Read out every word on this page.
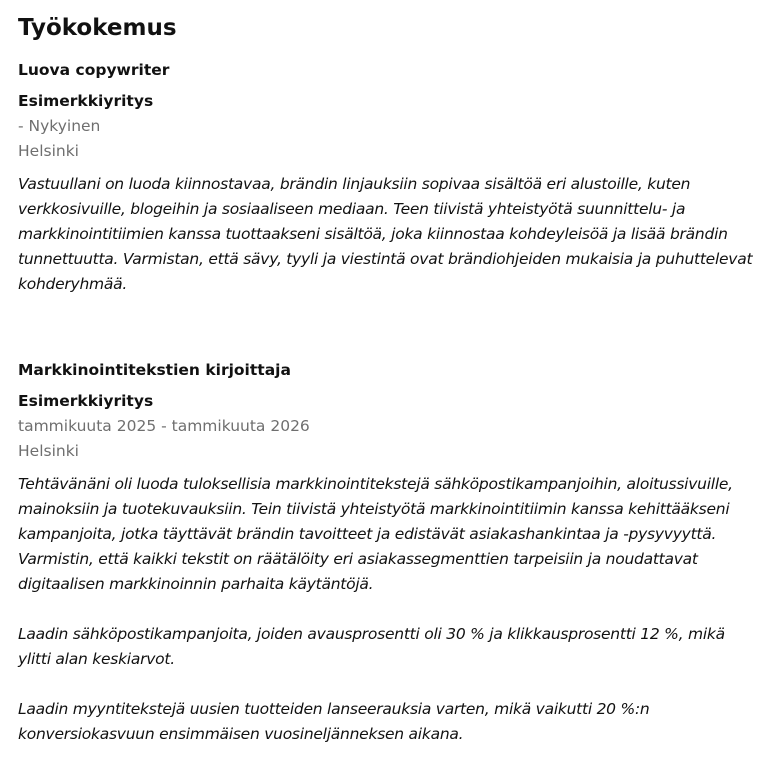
Työkokemus
Luova copywriter
Esimerkkiyritys
- Nykyinen
Helsinki

Vastuullani on luoda kiinnostavaa, brändin linjauksiin sopivaa sisältöä eri alustoille, kuten verkkosivuille, blogeihin ja sosiaaliseen mediaan. Teen tiivistä yhteistyötä suunnittelu- ja markkinointitiimien kanssa tuottaakseni sisältöä, joka kiinnostaa kohdeyleisöä ja lisää brändin tunnettuutta. Varmistan, että sävy, tyyli ja viestintä ovat brändiohjeiden mukaisia ja puhuttelevat kohderyhmää.

Markkinointitekstien kirjoittaja
Esimerkkiyritys
tammikuuta 2025 - tammikuuta 2026
Helsinki

Tehtävänäni oli luoda tuloksellisia markkinointitekstejä sähköpostikampanjoihin, aloitussivuille, mainoksiin ja tuotekuvauksiin. Tein tiivistä yhteistyötä markkinointitiimin kanssa kehittääkseni kampanjoita, jotka täyttävät brändin tavoitteet ja edistävät asiakashankintaa ja -pysyvyyttä. Varmistin, että kaikki tekstit on räätälöity eri asiakassegmenttien tarpeisiin ja noudattavat digitaalisen markkinoinnin parhaita käytäntöjä.

Laadin sähköpostikampanjoita, joiden avausprosentti oli 30 % ja klikkausprosentti 12 %, mikä ylitti alan keskiarvot.

Laadin myyntitekstejä uusien tuotteiden lanseerauksia varten, mikä vaikutti 20 %:n konversiokasvuun ensimmäisen vuosineljänneksen aikana.
